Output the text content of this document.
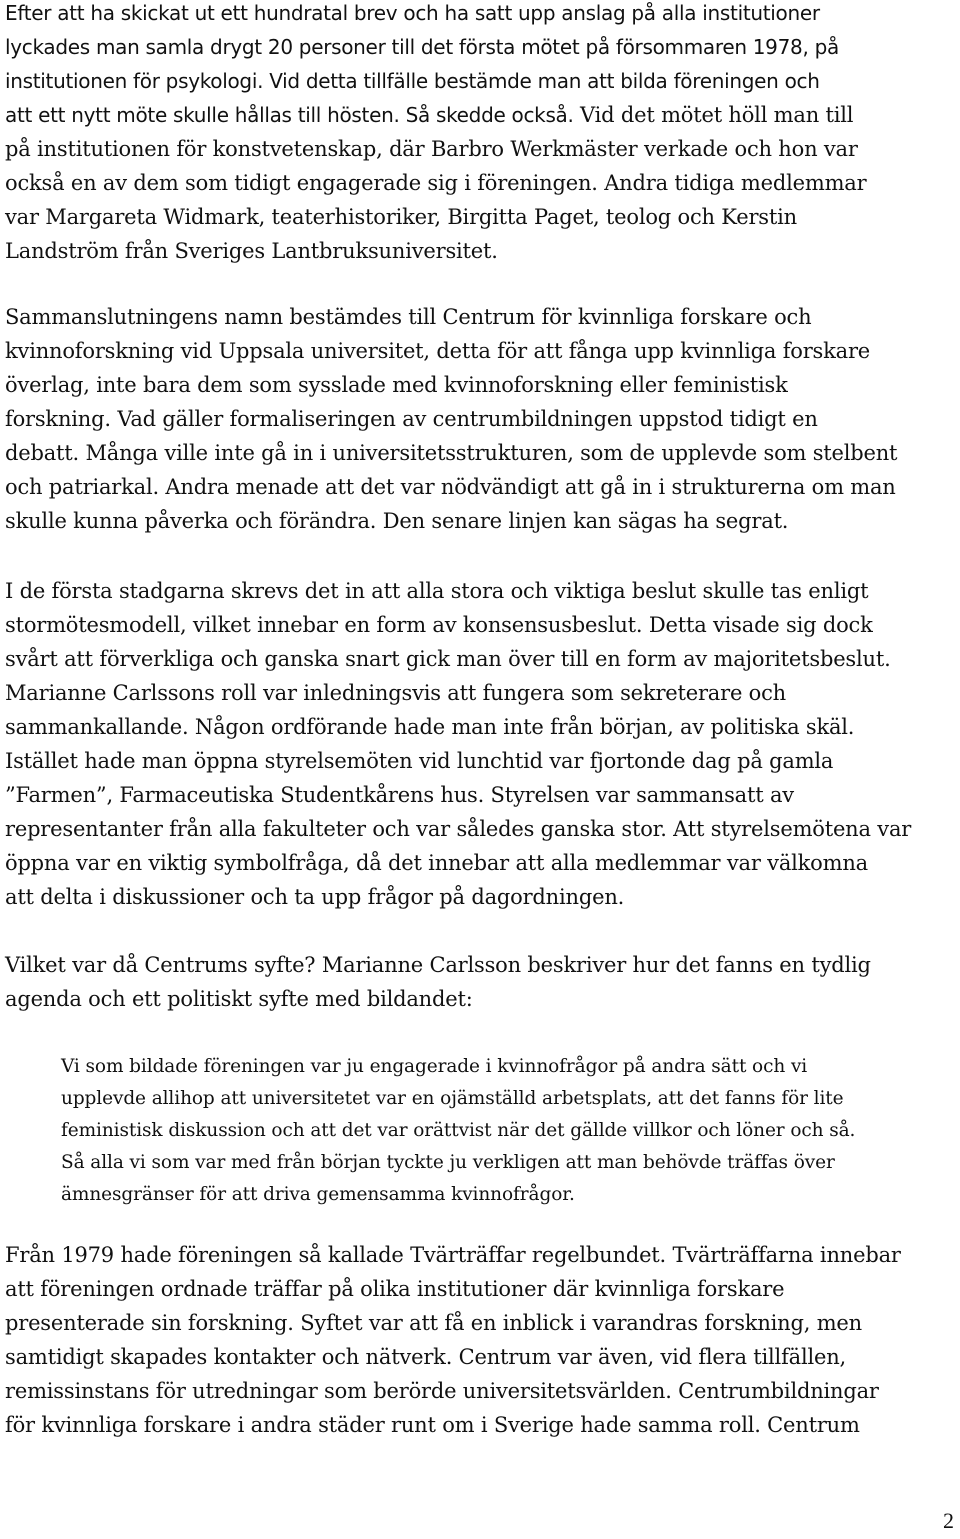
Efter att ha skickat ut ett hundratal brev och ha satt upp anslag på alla institutioner
lyckades man samla drygt 20 personer till det första mötet på försommaren 1978, på
institutionen för psykologi. Vid detta tillfälle bestämde man att bilda föreningen och
att ett nytt möte skulle hållas till hösten. Så skedde också. Vid det mötet höll man till
på institutionen för konstvetenskap, där Barbro Werkmäster verkade och hon var
också en av dem som tidigt engagerade sig i föreningen. Andra tidiga medlemmar
var Margareta Widmark, teaterhistoriker, Birgitta Paget, teolog och Kerstin
Landström från Sveriges Lantbruksuniversitet.
Sammanslutningens namn bestämdes till Centrum för kvinnliga forskare och
kvinnoforskning vid Uppsala universitet, detta för att fånga upp kvinnliga forskare
överlag, inte bara dem som sysslade med kvinnoforskning eller feministisk
forskning. Vad gäller formaliseringen av centrumbildningen uppstod tidigt en
debatt. Många ville inte gå in i universitetsstrukturen, som de upplevde som stelbent
och patriarkal. Andra menade att det var nödvändigt att gå in i strukturerna om man
skulle kunna påverka och förändra. Den senare linjen kan sägas ha segrat.
I de första stadgarna skrevs det in att alla stora och viktiga beslut skulle tas enligt
stormötesmodell, vilket innebar en form av konsensusbeslut. Detta visade sig dock
svårt att förverkliga och ganska snart gick man över till en form av majoritetsbeslut.
Marianne Carlssons roll var inledningsvis att fungera som sekreterare och
sammankallande. Någon ordförande hade man inte från början, av politiska skäl.
Istället hade man öppna styrelsemöten vid lunchtid var fjortonde dag på gamla
”Farmen”, Farmaceutiska Studentkårens hus. Styrelsen var sammansatt av
representanter från alla fakulteter och var således ganska stor. Att styrelsemötena var
öppna var en viktig symbolfråga, då det innebar att alla medlemmar var välkomna
att delta i diskussioner och ta upp frågor på dagordningen.
Vilket var då Centrums syfte? Marianne Carlsson beskriver hur det fanns en tydlig
agenda och ett politiskt syfte med bildandet:
Vi som bildade föreningen var ju engagerade i kvinnofrågor på andra sätt och vi
upplevde allihop att universitetet var en ojämställd arbetsplats, att det fanns för lite
feministisk diskussion och att det var orättvist när det gällde villkor och löner och så.
Så alla vi som var med från början tyckte ju verkligen att man behövde träffas över
ämnesgränser för att driva gemensamma kvinnofrågor.
Från 1979 hade föreningen så kallade Tvärträffar regelbundet. Tvärträffarna innebar
att föreningen ordnade träffar på olika institutioner där kvinnliga forskare
presenterade sin forskning. Syftet var att få en inblick i varandras forskning, men
samtidigt skapades kontakter och nätverk. Centrum var även, vid flera tillfällen,
remissinstans för utredningar som berörde universitetsvärlden. Centrumbildningar
för kvinnliga forskare i andra städer runt om i Sverige hade samma roll. Centrum
2
